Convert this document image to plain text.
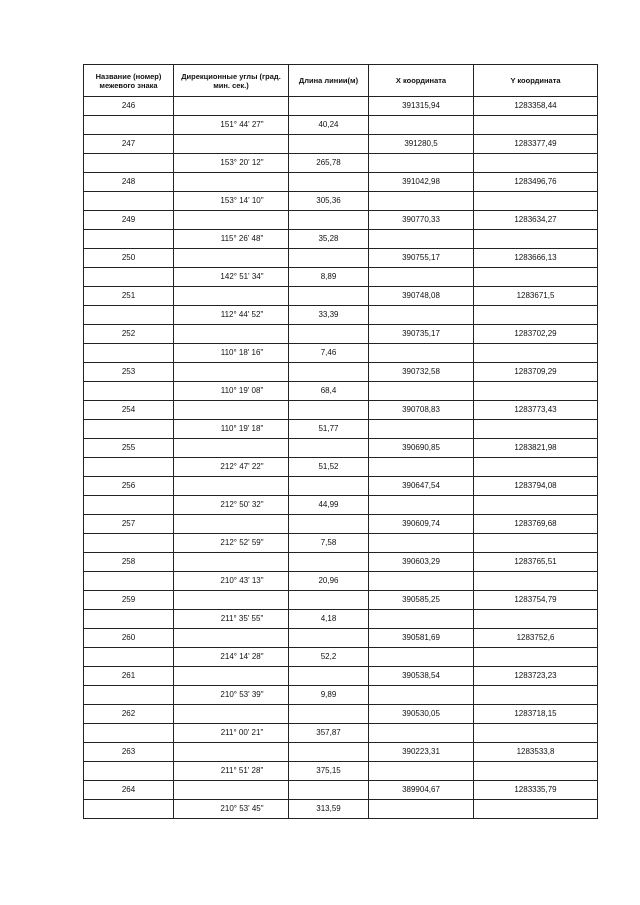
Название (номер) межевого знака	Дирекционные углы (град. мин. сек.)	Длина линии(м)	X координата	Y координата
246			391315,94	1283358,44
	151° 44' 27"	40,24		
247			391280,5	1283377,49
	153° 20' 12"	265,78		
248			391042,98	1283496,76
	153° 14' 10"	305,36		
249			390770,33	1283634,27
	115° 26' 48"	35,28		
250			390755,17	1283666,13
	142° 51' 34"	8,89		
251			390748,08	1283671,5
	112° 44' 52"	33,39		
252			390735,17	1283702,29
	110° 18' 16"	7,46		
253			390732,58	1283709,29
	110° 19' 08"	68,4		
254			390708,83	1283773,43
	110° 19' 18"	51,77		
255			390690,85	1283821,98
	212° 47' 22"	51,52		
256			390647,54	1283794,08
	212° 50' 32"	44,99		
257			390609,74	1283769,68
	212° 52' 59"	7,58		
258			390603,29	1283765,51
	210° 43' 13"	20,96		
259			390585,25	1283754,79
	211° 35' 55"	4,18		
260			390581,69	1283752,6
	214° 14' 28"	52,2		
261			390538,54	1283723,23
	210° 53' 39"	9,89		
262			390530,05	1283718,15
	211° 00' 21"	357,87		
263			390223,31	1283533,8
	211° 51' 28"	375,15		
264			389904,67	1283335,79
	210° 53' 45"	313,59		
